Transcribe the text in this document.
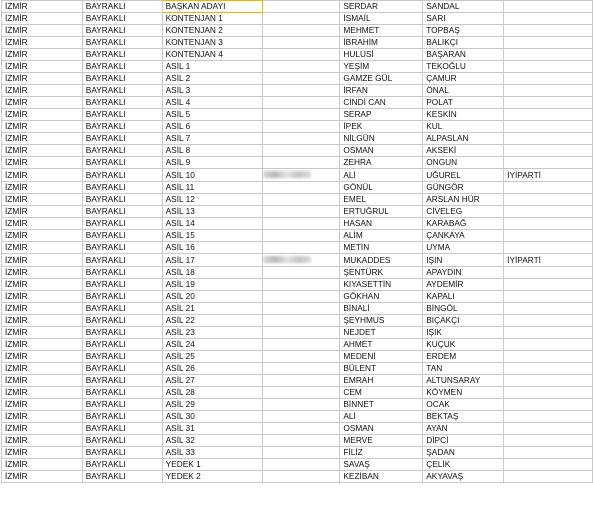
İZMİR	BAYRAKLI	BAŞKAN ADAYI		SERDAR	SANDAL	
İZMİR	BAYRAKLI	KONTENJAN 1		İSMAİL	SARI	
İZMİR	BAYRAKLI	KONTENJAN 2		MEHMET	TOPBAŞ	
İZMİR	BAYRAKLI	KONTENJAN 3		İBRAHİM	BALIKÇI	
İZMİR	BAYRAKLI	KONTENJAN 4		HULUSİ	BAŞARAN	
İZMİR	BAYRAKLI	ASİL 1		YEŞİM	TEKOĞLU	
İZMİR	BAYRAKLI	ASİL 2		GAMZE GÜL	ÇAMUR	
İZMİR	BAYRAKLI	ASİL 3		İRFAN	ÖNAL	
İZMİR	BAYRAKLI	ASİL 4		CİNDİ CAN	POLAT	
İZMİR	BAYRAKLI	ASİL 5		SERAP	KESKİN	
İZMİR	BAYRAKLI	ASİL 6		İPEK	KUL	
İZMİR	BAYRAKLI	ASİL 7		NİLGÜN	ALPASLAN	
İZMİR	BAYRAKLI	ASİL 8		OSMAN	AKSEKİ	
İZMİR	BAYRAKLI	ASİL 9		ZEHRA	ONGUN	
İZMİR	BAYRAKLI	ASİL 10		ALİ	UĞUREL	İYİPARTİ
İZMİR	BAYRAKLI	ASİL 11		GÖNÜL	GÜNGÖR	
İZMİR	BAYRAKLI	ASİL 12		EMEL	ARSLAN HÜR	
İZMİR	BAYRAKLI	ASİL 13		ERTUĞRUL	CİVELEG	
İZMİR	BAYRAKLI	ASİL 14		HASAN	KARABAĞ	
İZMİR	BAYRAKLI	ASİL 15		ALİM	ÇANKAYA	
İZMİR	BAYRAKLI	ASİL 16		METİN	UYMA	
İZMİR	BAYRAKLI	ASİL 17		MUKADDES	IŞIN	İYİPARTİ
İZMİR	BAYRAKLI	ASİL 18		ŞENTÜRK	APAYDIN	
İZMİR	BAYRAKLI	ASİL 19		KIYASETTİN	AYDEMİR	
İZMİR	BAYRAKLI	ASİL 20		GÖKHAN	KAPALI	
İZMİR	BAYRAKLI	ASİL 21		BİNALİ	BİNGÖL	
İZMİR	BAYRAKLI	ASİL 22		ŞEYHMUS	BIÇAKÇI	
İZMİR	BAYRAKLI	ASİL 23		NEJDET	IŞIK	
İZMİR	BAYRAKLI	ASİL 24		AHMET	KUÇUK	
İZMİR	BAYRAKLI	ASİL 25		MEDENİ	ERDEM	
İZMİR	BAYRAKLI	ASİL 26		BÜLENT	TAN	
İZMİR	BAYRAKLI	ASİL 27		EMRAH	ALTUNSARAY	
İZMİR	BAYRAKLI	ASİL 28		CEM	KÖYMEN	
İZMİR	BAYRAKLI	ASİL 29		BİNNET	OCAK	
İZMİR	BAYRAKLI	ASİL 30		ALİ	BEKTAŞ	
İZMİR	BAYRAKLI	ASİL 31		OSMAN	AYAN	
İZMİR	BAYRAKLI	ASİL 32		MERVE	DİPCİ	
İZMİR	BAYRAKLI	ASİL 33		FİLİZ	ŞADAN	
İZMİR	BAYRAKLI	YEDEK 1		SAVAŞ	ÇELİK	
İZMİR	BAYRAKLI	YEDEK 2		KEZİBAN	AKYAVAŞ	
